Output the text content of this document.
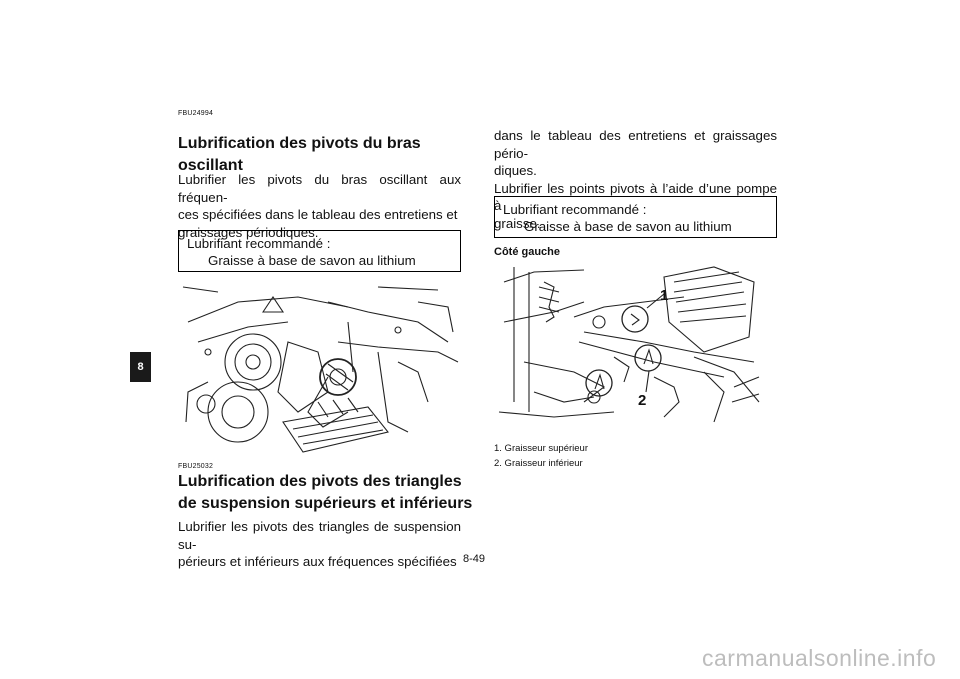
8
FBU24994
Lubrification des pivots du bras
oscillant
Lubrifier les pivots du bras oscillant aux fréquen-
ces spécifiées dans le tableau des entretiens et
graissages périodiques.
Lubrifiant recommandé :
Graisse à base de savon au lithium
FBU25032
Lubrification des pivots des triangles
de suspension supérieurs et inférieurs
Lubrifier les pivots des triangles de suspension su-
périeurs et inférieurs aux fréquences spécifiées
dans le tableau des entretiens et graissages pério-
diques.
Lubrifier les points pivots à l’aide d’une pompe à
graisse.
Lubrifiant recommandé :
Graisse à base de savon au lithium
Côté gauche
1
2
1. Graisseur supérieur
2. Graisseur inférieur
8-49
carmanualsonline.info
